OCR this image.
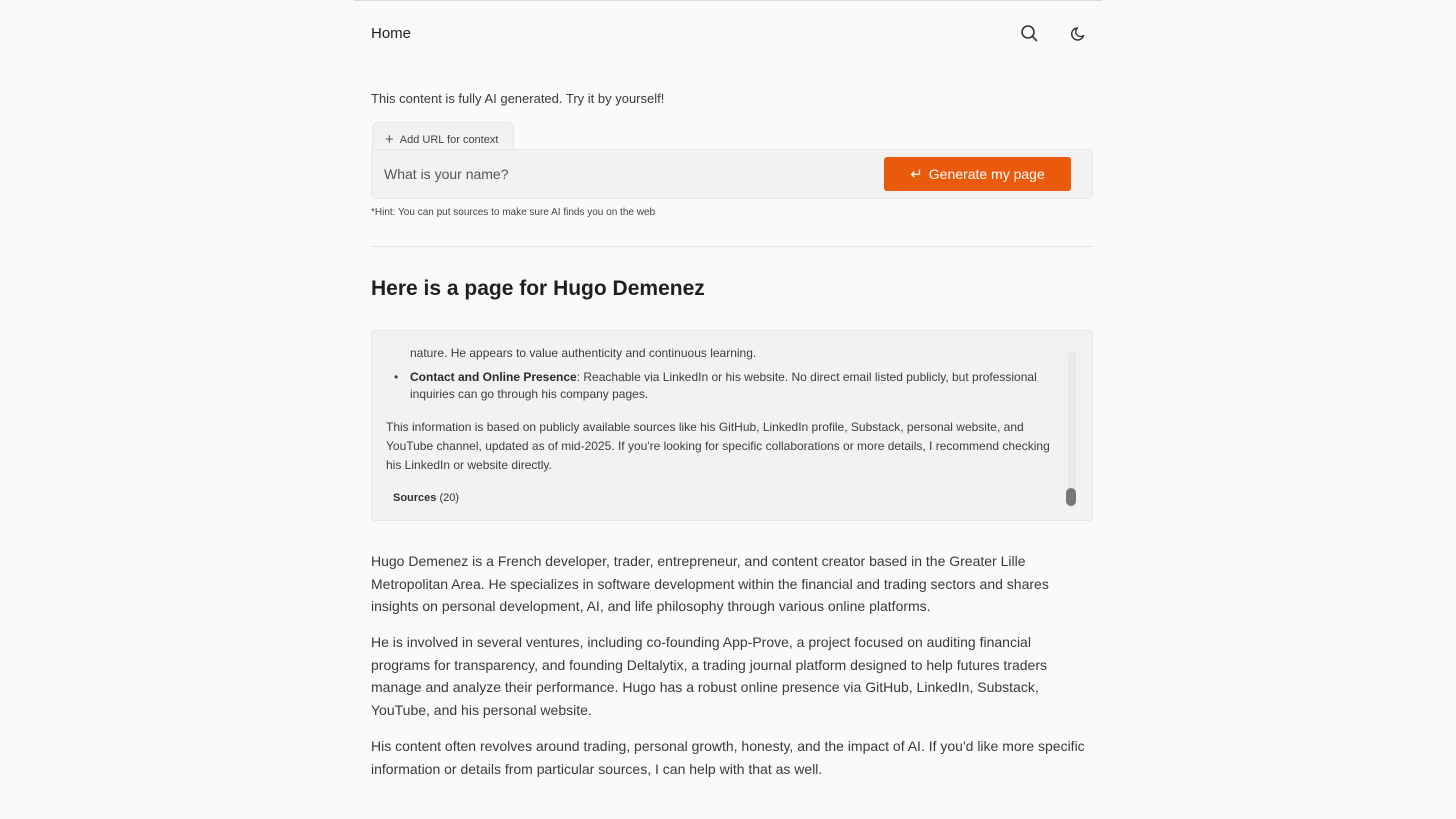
Home
This content is fully AI generated. Try it by yourself!
+ Add URL for context
What is your name?
↵ Generate my page
*Hint: You can put sources to make sure AI finds you on the web
Here is a page for Hugo Demenez
nature. He appears to value authenticity and continuous learning.
• Contact and Online Presence: Reachable via LinkedIn or his website. No direct email listed publicly, but professional inquiries can go through his company pages.
This information is based on publicly available sources like his GitHub, LinkedIn profile, Substack, personal website, and YouTube channel, updated as of mid-2025. If you're looking for specific collaborations or more details, I recommend checking his LinkedIn or website directly.
Sources (20)

Hugo Demenez is a French developer, trader, entrepreneur, and content creator based in the Greater Lille Metropolitan Area. He specializes in software development within the financial and trading sectors and shares insights on personal development, AI, and life philosophy through various online platforms.

He is involved in several ventures, including co-founding App-Prove, a project focused on auditing financial programs for transparency, and founding Deltalytix, a trading journal platform designed to help futures traders manage and analyze their performance. Hugo has a robust online presence via GitHub, LinkedIn, Substack, YouTube, and his personal website.

His content often revolves around trading, personal growth, honesty, and the impact of AI. If you'd like more specific information or details from particular sources, I can help with that as well.
